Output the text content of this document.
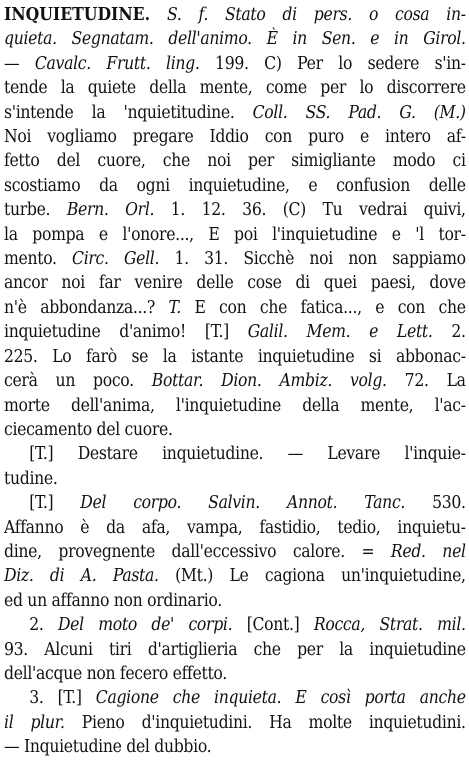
INQUIETUDINE. S. f. Stato di pers. o cosa in-
quieta. Segnatam. dell'animo. È in Sen. e in Girol.
— Cavalc. Frutt. ling. 199. C) Per lo sedere s'in-
tende la quiete della mente, come per lo discorrere
s'intende la 'nquietitudine. Coll. SS. Pad. G. (M.)
Noi vogliamo pregare Iddio con puro e intero af-
fetto del cuore, che noi per simigliante modo ci
scostiamo da ogni inquietudine, e confusion delle
turbe. Bern. Orl. 1. 12. 36. (C) Tu vedrai quivi,
la pompa e l'onore..., E poi l'inquietudine e 'l tor-
mento. Circ. Gell. 1. 31. Sicchè noi non sappiamo
ancor noi far venire delle cose di quei paesi, dove
n'è abbondanza...? T. E con che fatica..., e con che
inquietudine d'animo! [T.] Galil. Mem. e Lett. 2.
225. Lo farò se la istante inquietudine si abbonac-
cerà un poco. Bottar. Dion. Ambiz. volg. 72. La
morte dell'anima, l'inquietudine della mente, l'ac-
ciecamento del cuore.
[T.] Destare inquietudine. — Levare l'inquie-
tudine.
[T.] Del corpo. Salvin. Annot. Tanc. 530.
Affanno è da afa, vampa, fastidio, tedio, inquietu-
dine, provegnente dall'eccessivo calore. = Red. nel
Diz. di A. Pasta. (Mt.) Le cagiona un'inquietudine,
ed un affanno non ordinario.
2. Del moto de' corpi. [Cont.] Rocca, Strat. mil.
93. Alcuni tiri d'artiglieria che per la inquietudine
dell'acque non fecero effetto.
3. [T.] Cagione che inquieta. E così porta anche
il plur. Pieno d'inquietudini. Ha molte inquietudini.
— Inquietudine del dubbio.
